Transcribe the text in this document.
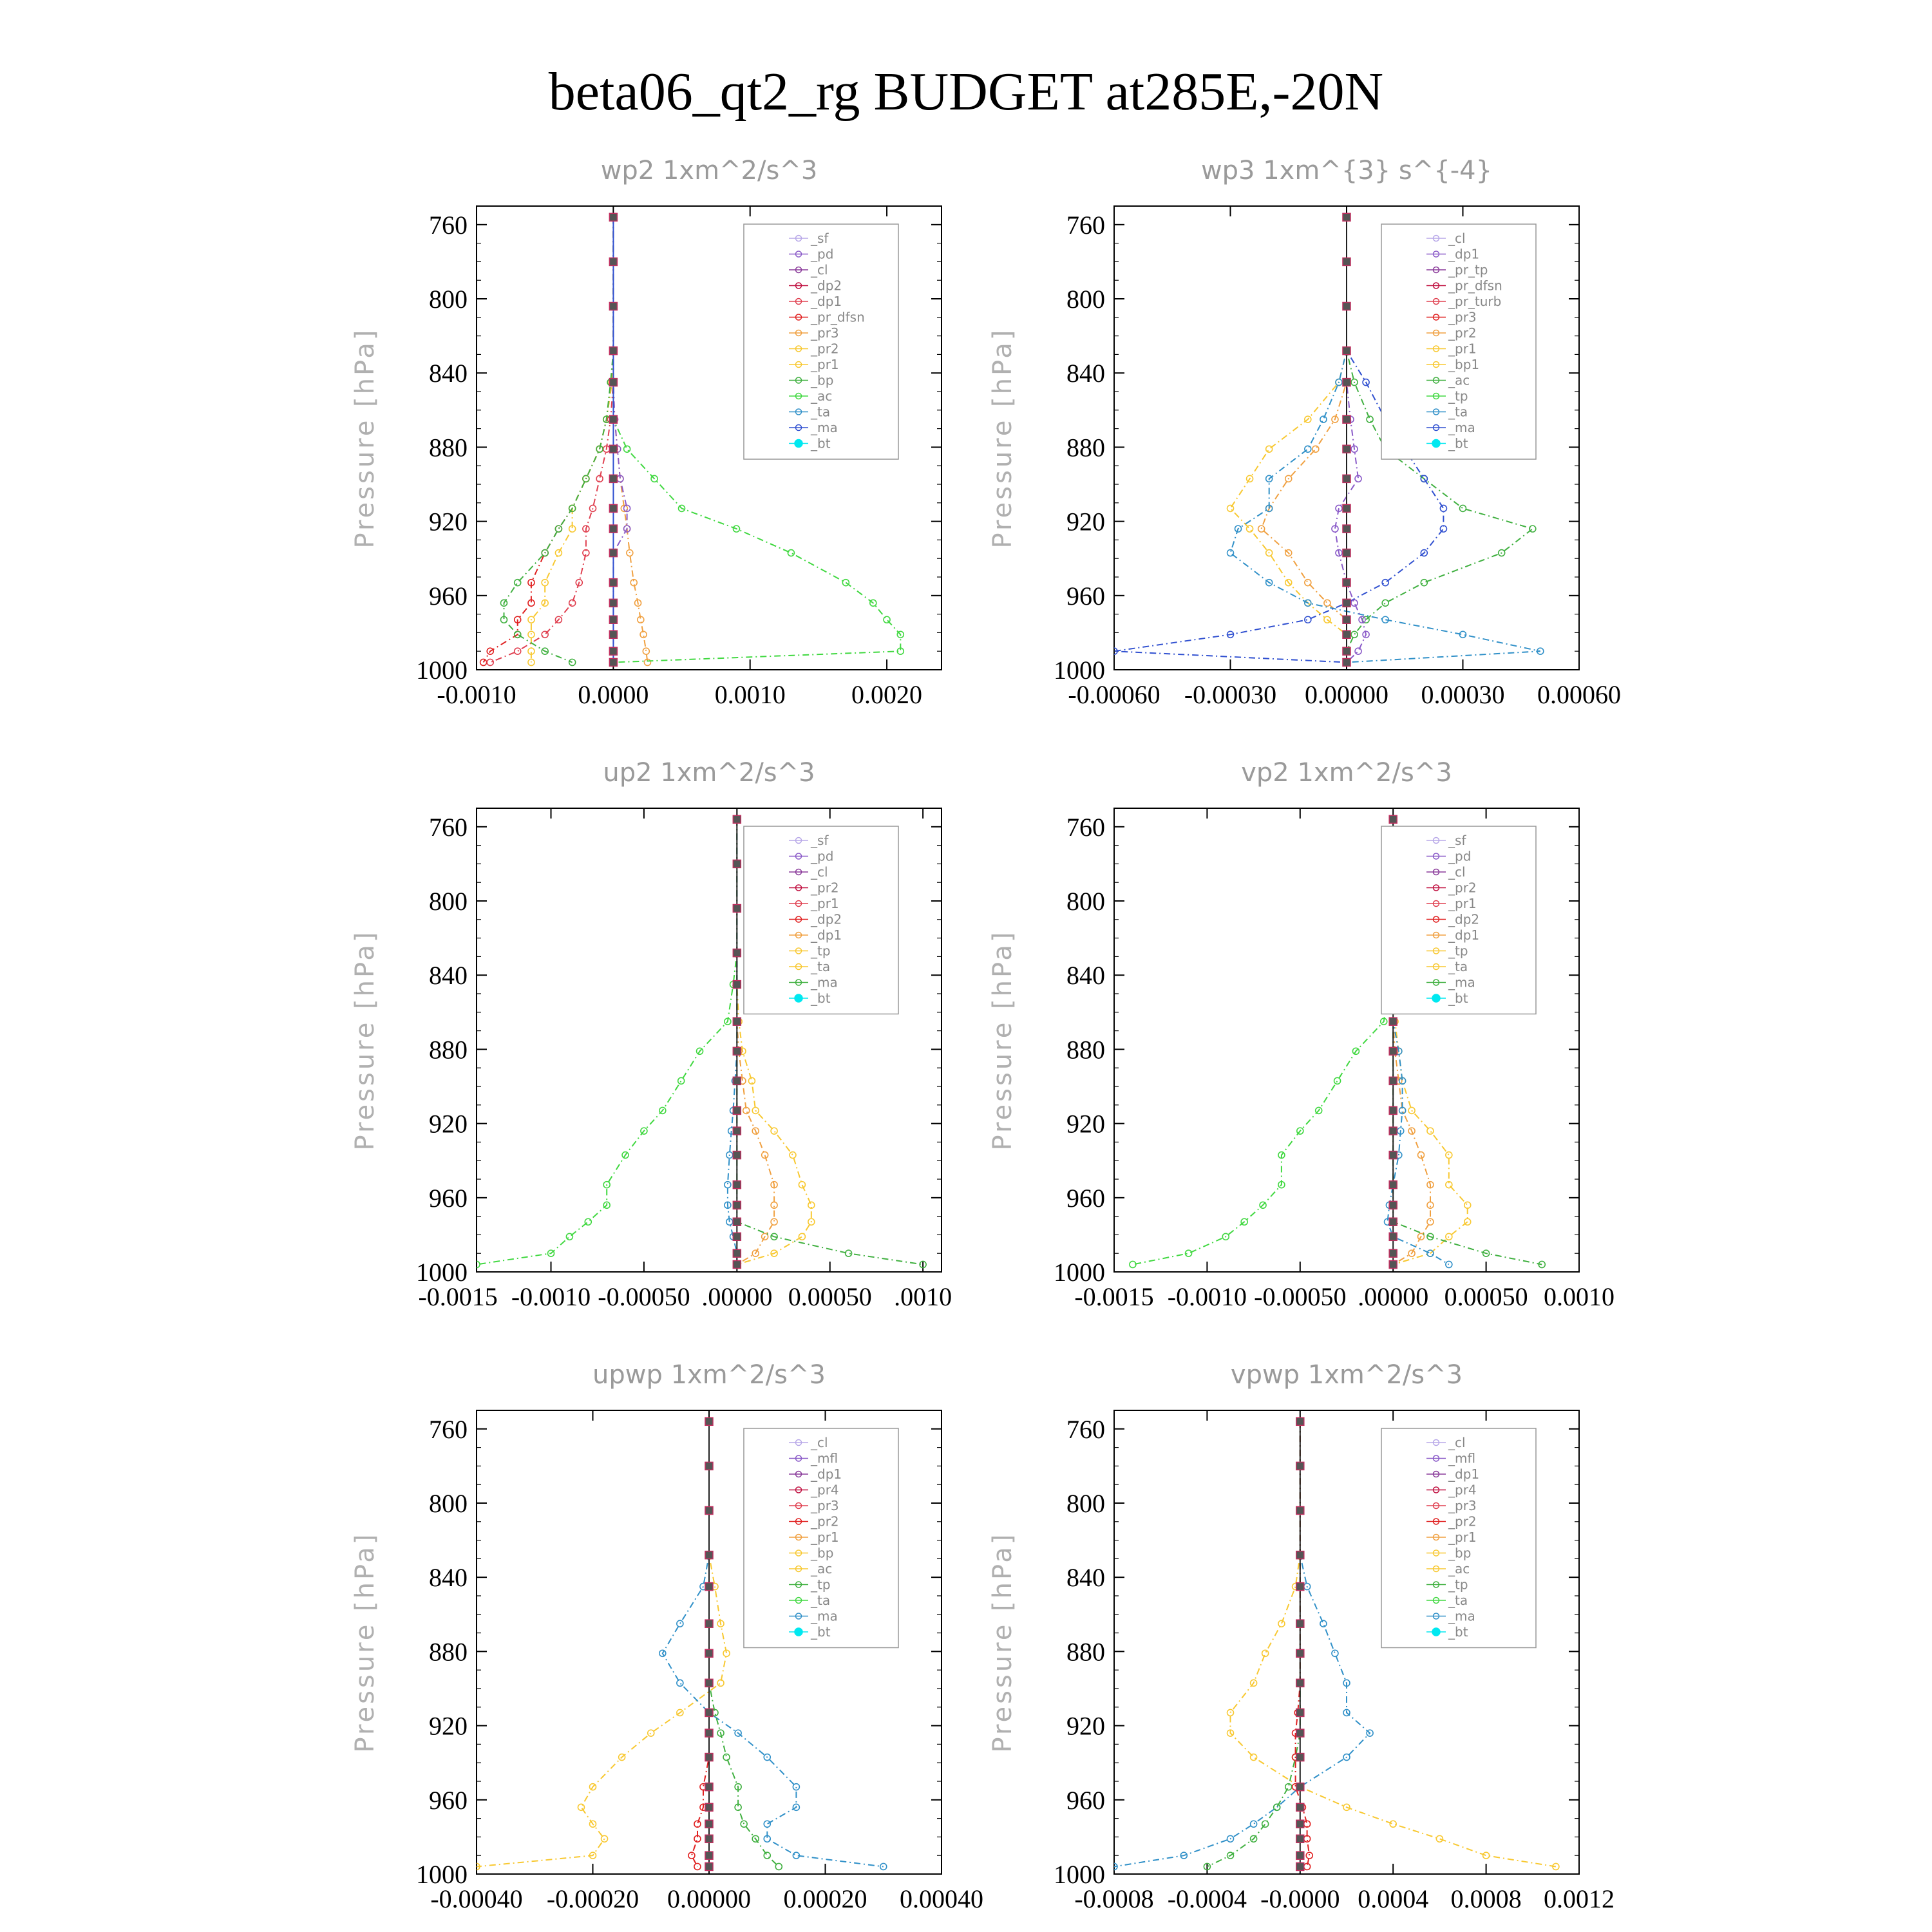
beta06_qt2_rg BUDGET at285E,-20N
wp2 1xm^2/s^3
Pressure [hPa]
760
800
840
880
920
960
1000
-0.0010 0.0000	0.0010	0.0020
_sf
_pd
_cl
_dp2
_dp1
_pr_dfsn
_pr3
_pr2
_pr1
_bp
_ac
_ta
_ma
_bt
wp3 1xm^{3} s^{-4}
Pressure [hPa]
760
800
840
880
920
960
1000
-0.00060 -0.00030 0.00000 0.00030 0.00060
_cl
_dp1
_pr_tp
_pr_dfsn
_pr_turb
_pr3
_pr2
_pr1
_bp1
_ac
_tp
_ta
_ma
_bt
up2 1xm^2/s^3
Pressure [hPa]
760
800
840
880
920
960
1000
-0.0015 -0.0010 -0.00050 .00000 0.00050 .0010
_sf
_pd
_cl
_pr2
_pr1
_dp2
_dp1
_tp
_ta
_ma
_bt
vp2 1xm^2/s^3
Pressure [hPa]
760
800
840
880
920
960
1000
-0.0015 -0.0010 -0.00050 .00000 0.00050 0.0010
_sf
_pd
_cl
_pr2
_pr1
_dp2
_dp1
_tp
_ta
_ma
_bt
upwp 1xm^2/s^3
Pressure [hPa]
760
800
840
880
920
960
1000
-0.00040 -0.00020 0.00000 0.00020 0.00040
_cl
_mfl
_dp1
_pr4
_pr3
_pr2
_pr1
_bp
_ac
_tp
_ta
_ma
_bt
vpwp 1xm^2/s^3
Pressure [hPa]
760
800
840
880
920
960
1000
-0.0008 -0.0004 -0.0000 0.0004 0.0008 0.0012
_cl
_mfl
_dp1
_pr4
_pr3
_pr2
_pr1
_bp
_ac
_tp
_ta
_ma
_bt
